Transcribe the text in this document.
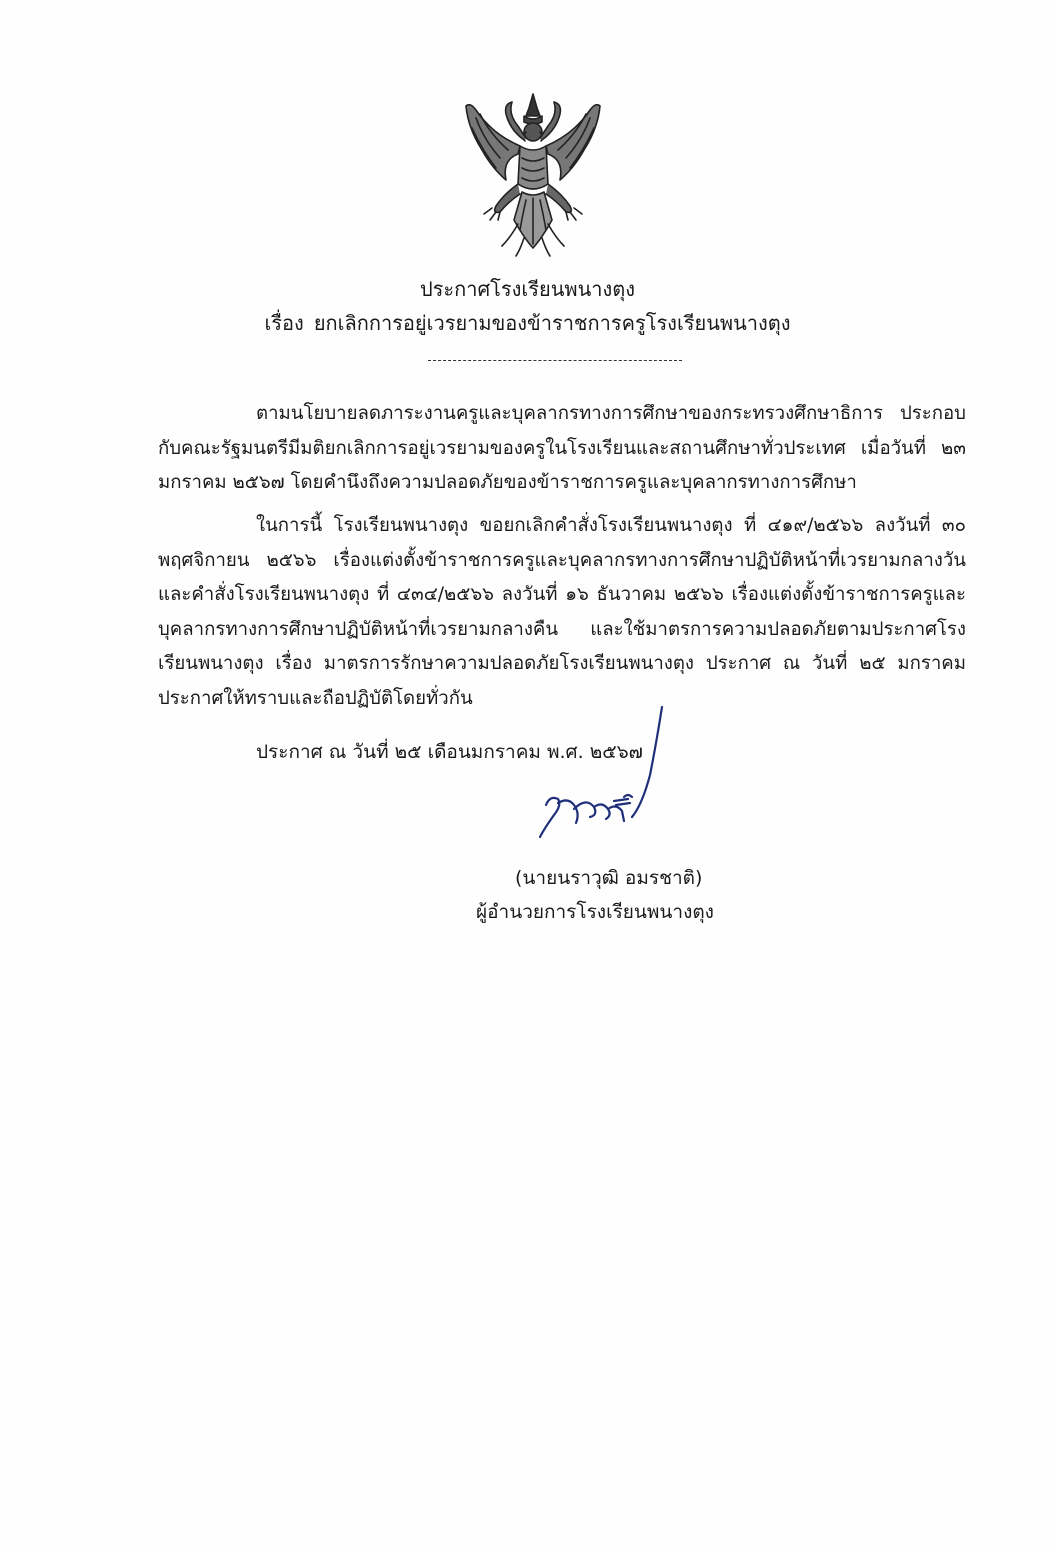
ประกาศโรงเรียนพนางตุง
เรื่อง ยกเลิกการอยู่เวรยามของข้าราชการครูโรงเรียนพนางตุง

ตามนโยบายลดภาระงานครูและบุคลากรทางการศึกษาของกระทรวงศึกษาธิการ ประกอบกับคณะรัฐมนตรีมีมติยกเลิกการอยู่เวรยามของครูในโรงเรียนและสถานศึกษาทั่วประเทศ เมื่อวันที่ ๒๓ มกราคม ๒๕๖๗ โดยคำนึงถึงความปลอดภัยของข้าราชการครูและบุคลากรทางการศึกษา

ในการนี้ โรงเรียนพนางตุง ขอยกเลิกคำสั่งโรงเรียนพนางตุง ที่ ๔๑๙/๒๕๖๖ ลงวันที่ ๓๐ พฤศจิกายน ๒๕๖๖ เรื่องแต่งตั้งข้าราชการครูและบุคลากรทางการศึกษาปฏิบัติหน้าที่เวรยามกลางวันและคำสั่งโรงเรียนพนางตุง ที่ ๔๓๔/๒๕๖๖ ลงวันที่ ๑๖ ธันวาคม ๒๕๖๖ เรื่องแต่งตั้งข้าราชการครูและบุคลากรทางการศึกษาปฏิบัติหน้าที่เวรยามกลางคืน และใช้มาตรการความปลอดภัยตามประกาศโรงเรียนพนางตุง เรื่อง มาตรการรักษาความปลอดภัยโรงเรียนพนางตุง ประกาศ ณ วันที่ ๒๕ มกราคม ประกาศให้ทราบและถือปฏิบัติโดยทั่วกัน

ประกาศ ณ วันที่ ๒๕ เดือนมกราคม พ.ศ. ๒๕๖๗
(นายนราวุฒิ อมรชาติ)
ผู้อำนวยการโรงเรียนพนางตุง
